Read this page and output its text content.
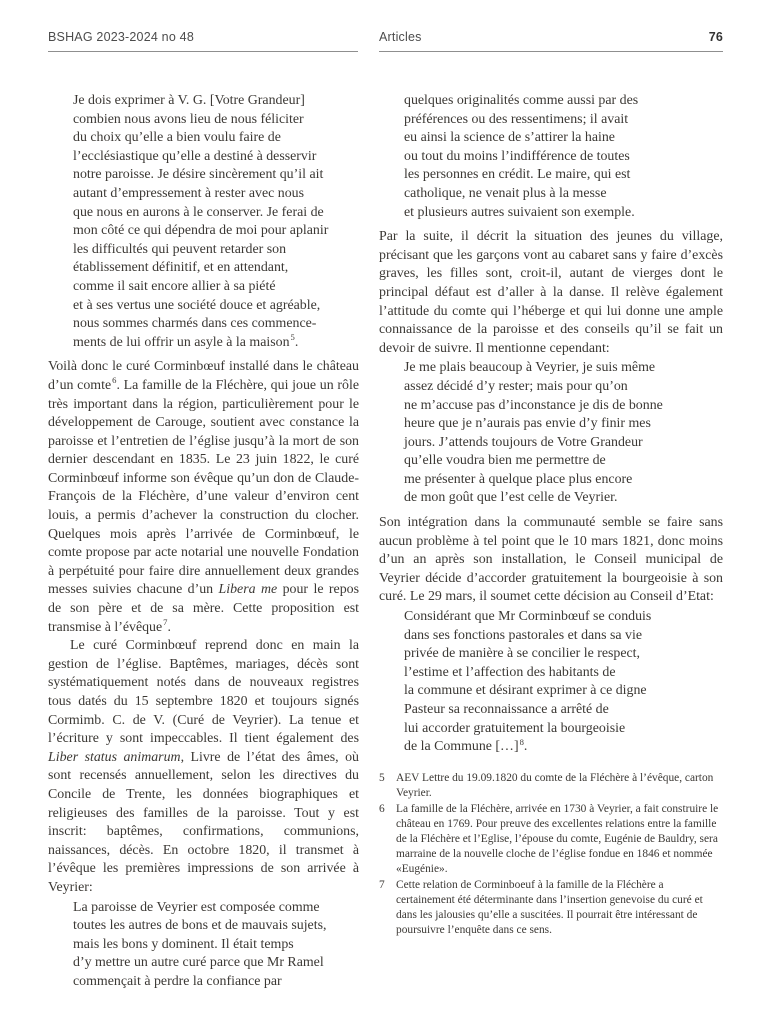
BSHAG 2023-2024 no 48	Articles	76
Je dois exprimer à V. G. [Votre Grandeur]
combien nous avons lieu de nous féliciter
du choix qu’elle a bien voulu faire de
l’ecclésiastique qu’elle a destiné à desservir
notre paroisse. Je désire sincèrement qu’il ait
autant d’empressement à rester avec nous
que nous en aurons à le conserver. Je ferai de
mon côté ce qui dépendra de moi pour aplanir
les difficultés qui peuvent retarder son
établissement définitif, et en attendant,
comme il sait encore allier à sa piété
et à ses vertus une société douce et agréable,
nous sommes charmés dans ces commence-
ments de lui offrir un asyle à la maison$^5$.

Voilà donc le curé Corminbœuf installé dans le château d’un comte$^6$. La famille de la Fléchère, qui joue un rôle très important dans la région, particulièrement pour le développement de Carouge, soutient avec constance la paroisse et l’entretien de l’église jusqu’à la mort de son dernier descendant en 1835. Le 23 juin 1822, le curé Corminbœuf informe son évêque qu’un don de Claude-François de la Fléchère, d’une valeur d’environ cent louis, a permis d’achever la construction du clocher. Quelques mois après l’arrivée de Corminbœuf, le comte propose par acte notarial une nouvelle Fondation à perpétuité pour faire dire annuellement deux grandes messes suivies chacune d’un Libera me pour le repos de son père et de sa mère. Cette proposition est transmise à l’évêque$^7$.

Le curé Corminbœuf reprend donc en main la gestion de l’église. Baptêmes, mariages, décès sont systématiquement notés dans de nouveaux registres tous datés du 15 septembre 1820 et toujours signés Cormimb. C. de V. (Curé de Veyrier). La tenue et l’écriture y sont impeccables. Il tient également des Liber status animarum, Livre de l’état des âmes, où sont recensés annuellement, selon les directives du Concile de Trente, les données biographiques et religieuses des familles de la paroisse. Tout y est inscrit: baptêmes, confirmations, communions, naissances, décès. En octobre 1820, il transmet à l’évêque les premières impressions de son arrivée à Veyrier:

La paroisse de Veyrier est composée comme
toutes les autres de bons et de mauvais sujets,
mais les bons y dominent. Il était temps
d’y mettre un autre curé parce que Mr Ramel
commençait à perdre la confiance par
quelques originalités comme aussi par des
préférences ou des ressentimens; il avait
eu ainsi la science de s’attirer la haine
ou tout du moins l’indifférence de toutes
les personnes en crédit. Le maire, qui est
catholique, ne venait plus à la messe
et plusieurs autres suivaient son exemple.

Par la suite, il décrit la situation des jeunes du village, précisant que les garçons vont au cabaret sans y faire d’excès graves, les filles sont, croit-il, autant de vierges dont le principal défaut est d’aller à la danse. Il relève également l’attitude du comte qui l’héberge et qui lui donne une ample connaissance de la paroisse et des conseils qu’il se fait un devoir de suivre. Il mentionne cependant:

Je me plais beaucoup à Veyrier, je suis même
assez décidé d’y rester; mais pour qu’on
ne m’accuse pas d’inconstance je dis de bonne
heure que je n’aurais pas envie d’y finir mes
jours. J’attends toujours de Votre Grandeur
qu’elle voudra bien me permettre de
me présenter à quelque place plus encore
de mon goût que l’est celle de Veyrier.

Son intégration dans la communauté semble se faire sans aucun problème à tel point que le 10 mars 1821, donc moins d’un an après son installation, le Conseil municipal de Veyrier décide d’accorder gratuitement la bourgeoisie à son curé. Le 29 mars, il soumet cette décision au Conseil d’Etat:

Considérant que Mr Corminbœuf se conduis
dans ses fonctions pastorales et dans sa vie
privée de manière à se concilier le respect,
l’estime et l’affection des habitants de
la commune et désirant exprimer à ce digne
Pasteur sa reconnaissance a arrêté de
lui accorder gratuitement la bourgeoisie
de la Commune […]$^8$.
5 AEV Lettre du 19.09.1820 du comte de la Fléchère à l’évêque, carton Veyrier.
6 La famille de la Fléchère, arrivée en 1730 à Veyrier, a fait construire le château en 1769. Pour preuve des excellentes relations entre la famille de la Fléchère et l’Eglise, l’épouse du comte, Eugénie de Bauldry, sera marraine de la nouvelle cloche de l’église fondue en 1846 et nommée «Eugénie».
7 Cette relation de Corminboeuf à la famille de la Fléchère a certainement été déterminante dans l’insertion genevoise du curé et dans les jalousies qu’elle a suscitées. Il pourrait être intéressant de poursuivre l’enquête dans ce sens.
